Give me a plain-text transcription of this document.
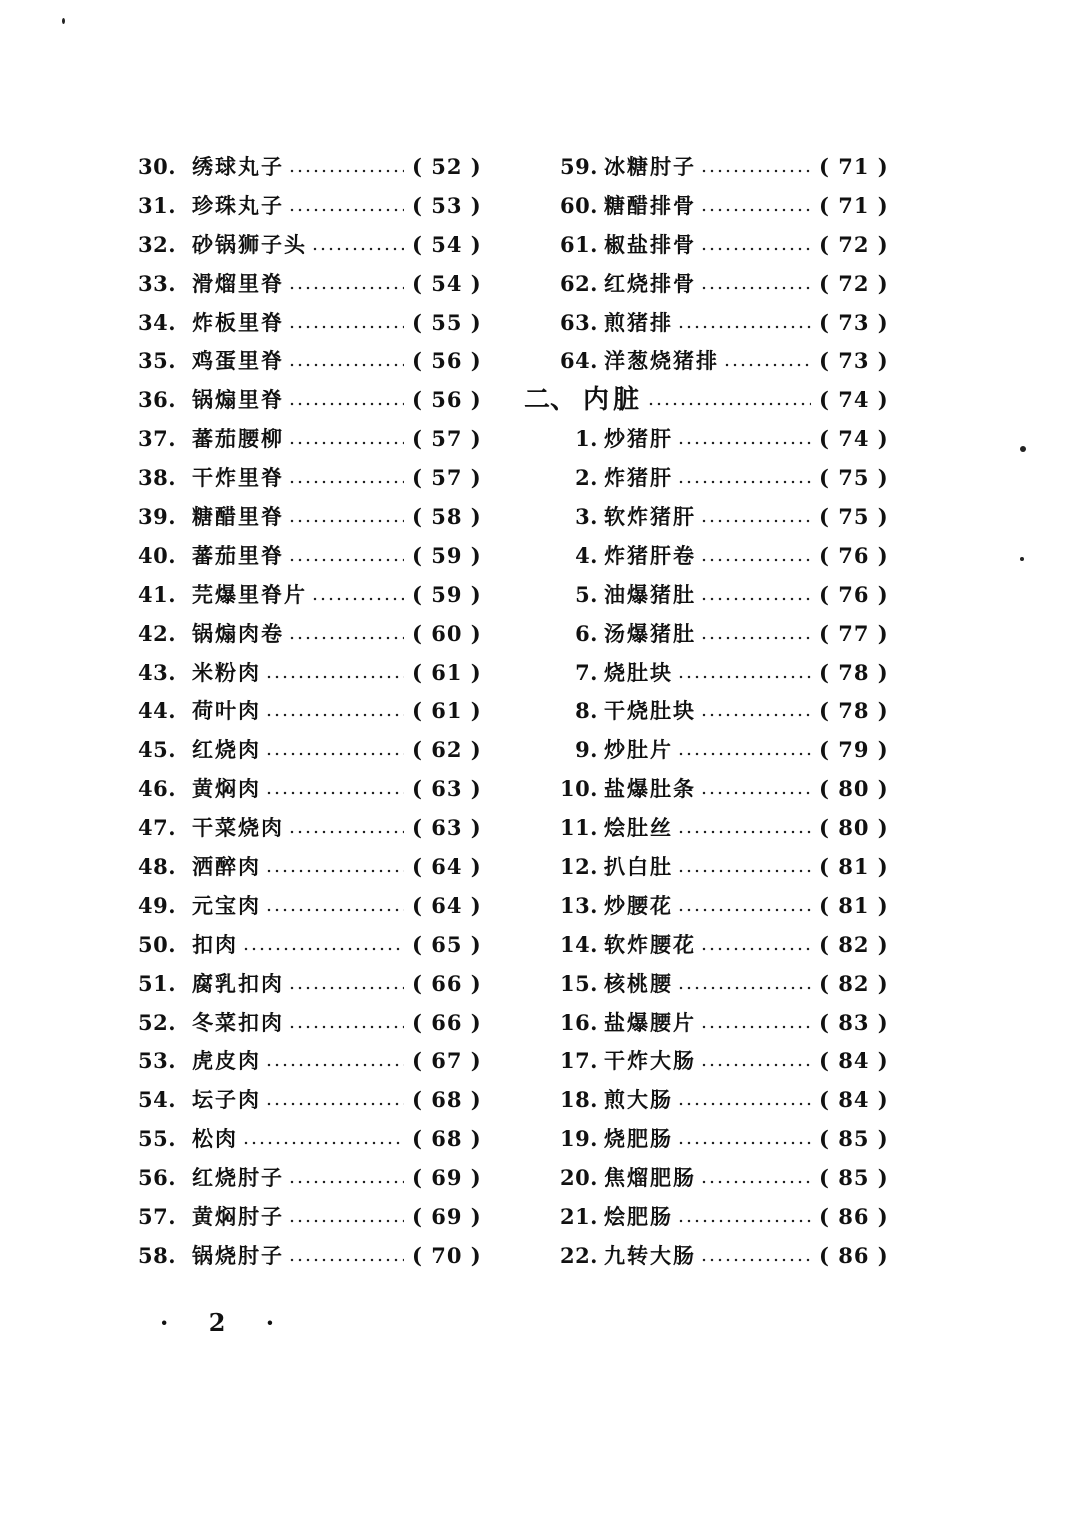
30. 绣球丸子	( 52 )
31. 珍珠丸子	( 53 )
32. 砂锅狮子头	( 54 )
33. 滑熘里脊	( 54 )
34. 炸板里脊	( 55 )
35. 鸡蛋里脊	( 56 )
36. 锅煽里脊	( 56 )
37. 蕃茄腰柳	( 57 )
38. 干炸里脊	( 57 )
39. 糖醋里脊	( 58 )
40. 蕃茄里脊	( 59 )
41. 芫爆里脊片	( 59 )
42. 锅煽肉卷	( 60 )
43. 米粉肉	( 61 )
44. 荷叶肉	( 61 )
45. 红烧肉	( 62 )
46. 黄焖肉	( 63 )
47. 干菜烧肉	( 63 )
48. 洒醉肉	( 64 )
49. 元宝肉	( 64 )
50. 扣肉	( 65 )
51. 腐乳扣肉	( 66 )
52. 冬菜扣肉	( 66 )
53. 虎皮肉	( 67 )
54. 坛子肉	( 68 )
55. 松肉	( 68 )
56. 红烧肘子	( 69 )
57. 黄焖肘子	( 69 )
58. 锅烧肘子	( 70 )
59. 冰糖肘子	( 71 )
60. 糖醋排骨	( 71 )
61. 椒盐排骨	( 72 )
62. 红烧排骨	( 72 )
63. 煎猪排	( 73 )
64. 洋葱烧猪排	( 73 )
二、 内脏	( 74 )
1. 炒猪肝	( 74 )
2. 炸猪肝	( 75 )
3. 软炸猪肝	( 75 )
4. 炸猪肝卷	( 76 )
5. 油爆猪肚	( 76 )
6. 汤爆猪肚	( 77 )
7. 烧肚块	( 78 )
8. 干烧肚块	( 78 )
9. 炒肚片	( 79 )
10. 盐爆肚条	( 80 )
11. 烩肚丝	( 80 )
12. 扒白肚	( 81 )
13. 炒腰花	( 81 )
14. 软炸腰花	( 82 )
15. 核桃腰	( 82 )
16. 盐爆腰片	( 83 )
17. 干炸大肠	( 84 )
18. 煎大肠	( 84 )
19. 烧肥肠	( 85 )
20. 焦熘肥肠	( 85 )
21. 烩肥肠	( 86 )
22. 九转大肠	( 86 )
· 2 ·
